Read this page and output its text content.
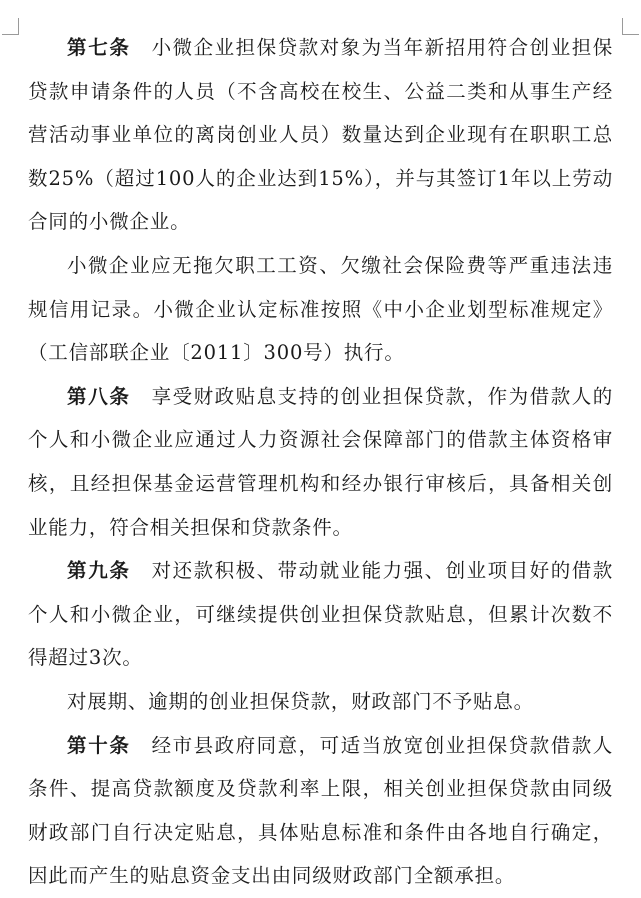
第七条　小微企业担保贷款对象为当年新招用符合创业担保贷款申请条件的人员（不含高校在校生、公益二类和从事生产经营活动事业单位的离岗创业人员）数量达到企业现有在职职工总数25%（超过100人的企业达到15%），并与其签订1年以上劳动合同的小微企业。

小微企业应无拖欠职工工资、欠缴社会保险费等严重违法违规信用记录。小微企业认定标准按照《中小企业划型标准规定》（工信部联企业〔2011〕300号）执行。

第八条　享受财政贴息支持的创业担保贷款，作为借款人的个人和小微企业应通过人力资源社会保障部门的借款主体资格审核，且经担保基金运营管理机构和经办银行审核后，具备相关创业能力，符合相关担保和贷款条件。

第九条　对还款积极、带动就业能力强、创业项目好的借款个人和小微企业，可继续提供创业担保贷款贴息，但累计次数不得超过3次。

对展期、逾期的创业担保贷款，财政部门不予贴息。

第十条　经市县政府同意，可适当放宽创业担保贷款借款人条件、提高贷款额度及贷款利率上限，相关创业担保贷款由同级财政部门自行决定贴息，具体贴息标准和条件由各地自行确定，因此而产生的贴息资金支出由同级财政部门全额承担。
